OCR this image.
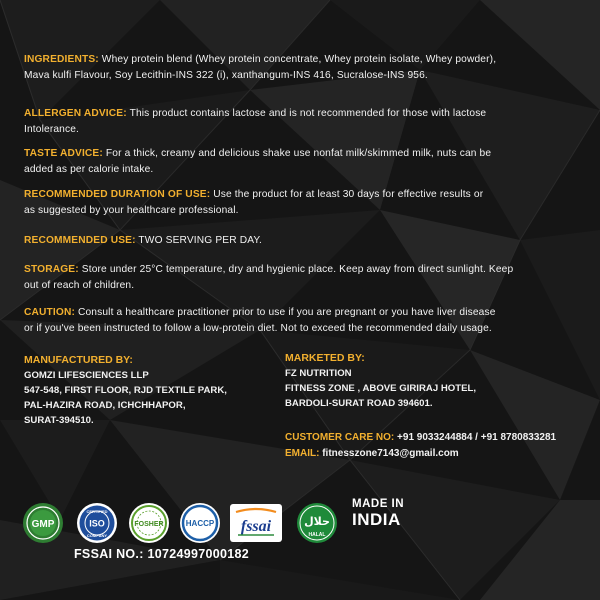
INGREDIENTS: Whey protein blend (Whey protein concentrate, Whey protein isolate, Whey powder),
Mava kulfi Flavour, Soy Lecithin-INS 322 (i), xanthangum-INS 416, Sucralose-INS 956.
ALLERGEN ADVICE: This product contains lactose and is not recommended for those with lactose
Intolerance.
TASTE ADVICE: For a thick, creamy and delicious shake use nonfat milk/skimmed milk, nuts can be
added as per calorie intake.
RECOMMENDED DURATION OF USE: Use the product for at least 30 days for effective results or
as suggested by your healthcare professional.
RECOMMENDED USE: TWO SERVING PER DAY.
STORAGE: Store under 25°C temperature, dry and hygienic place. Keep away from direct sunlight. Keep
out of reach of children.
CAUTION: Consult a healthcare practitioner prior to use if you are pregnant or you have liver disease
or if you've been instructed to follow a low-protein diet. Not to exceed the recommended daily usage.
MANUFACTURED BY:
GOMZI LIFESCIENCES LLP
547-548, FIRST FLOOR, RJD TEXTILE PARK,
PAL-HAZIRA ROAD, ICHCHHAPOR,
SURAT-394510.
MARKETED BY:
FZ NUTRITION
FITNESS ZONE , ABOVE GIRIRAJ HOTEL,
BARDOLI-SURAT ROAD 394601.
CUSTOMER CARE NO: +91 9033244884 / +91 8780833281
EMAIL: fitnesszone7143@gmail.com
GMP
CERTIFIED
ISO
COMPANY
FOSHER	HACCP fssai	حلال
HALAL
MADE IN
INDIA
FSSAI NO.: 10724997000182
